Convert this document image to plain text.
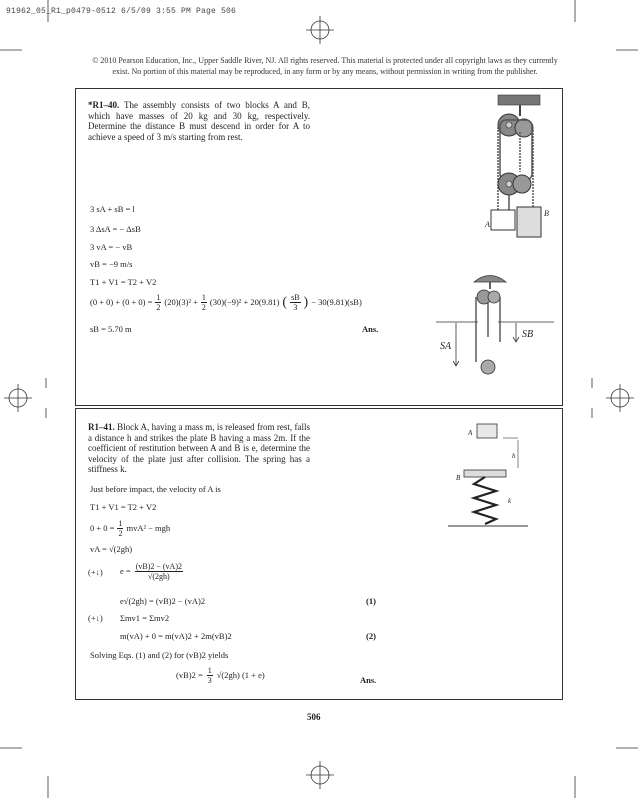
91962_05_R1_p0479-0512 6/5/09 3:55 PM Page 506
© 2010 Pearson Education, Inc., Upper Saddle River, NJ. All rights reserved. This material is protected under all copyright laws as they currently exist. No portion of this material may be reproduced, in any form or by any means, without permission in writing from the publisher.
*R1–40. The assembly consists of two blocks A and B, which have masses of 20 kg and 30 kg, respectively. Determine the distance B must descend in order for A to achieve a speed of 3 m/s starting from rest.
3 sA + sB = l
3 ΔsA = − ΔsB
3 vA = − vB
vB = −9 m/s
T1 + V1 = T2 + V2
$(0 + 0) + (0 + 0) = \frac{1}{2} (20)(3)^2 + \frac{1}{2} (30)(-9)^2 + 20(9.81)$ ( $\frac{sB}{3}$ ) − 30(9.81)(sB)
sB = 5.70 m	Ans.
A
B
SA
SB
R1–41. Block A, having a mass m, is released from rest, falls a distance h and strikes the plate B having a mass 2m. If the coefficient of restitution between A and B is e, determine the velocity of the plate just after collision. The spring has a stiffness k.
Just before impact, the velocity of A is
T1 + V1 = T2 + V2
$0 + 0 = \frac{1}{2} mvA^2$ − mgh
vA = √(2gh)
(+↓) $e = \frac{(vB)2 - (vA)2}{√(2gh)}$
e√(2gh) = (vB)2 − (vA)2	(1)
(+↓) Σmv1 = Σmv2
m(vA) + 0 = m(vA)2 + 2m(vB)2	(2)
Solving Eqs. (1) and (2) for (vB)2 yields
$(vB)2 = \frac{1}{3} √(2gh) (1 + e)$	Ans.
A
h
B
k
506
